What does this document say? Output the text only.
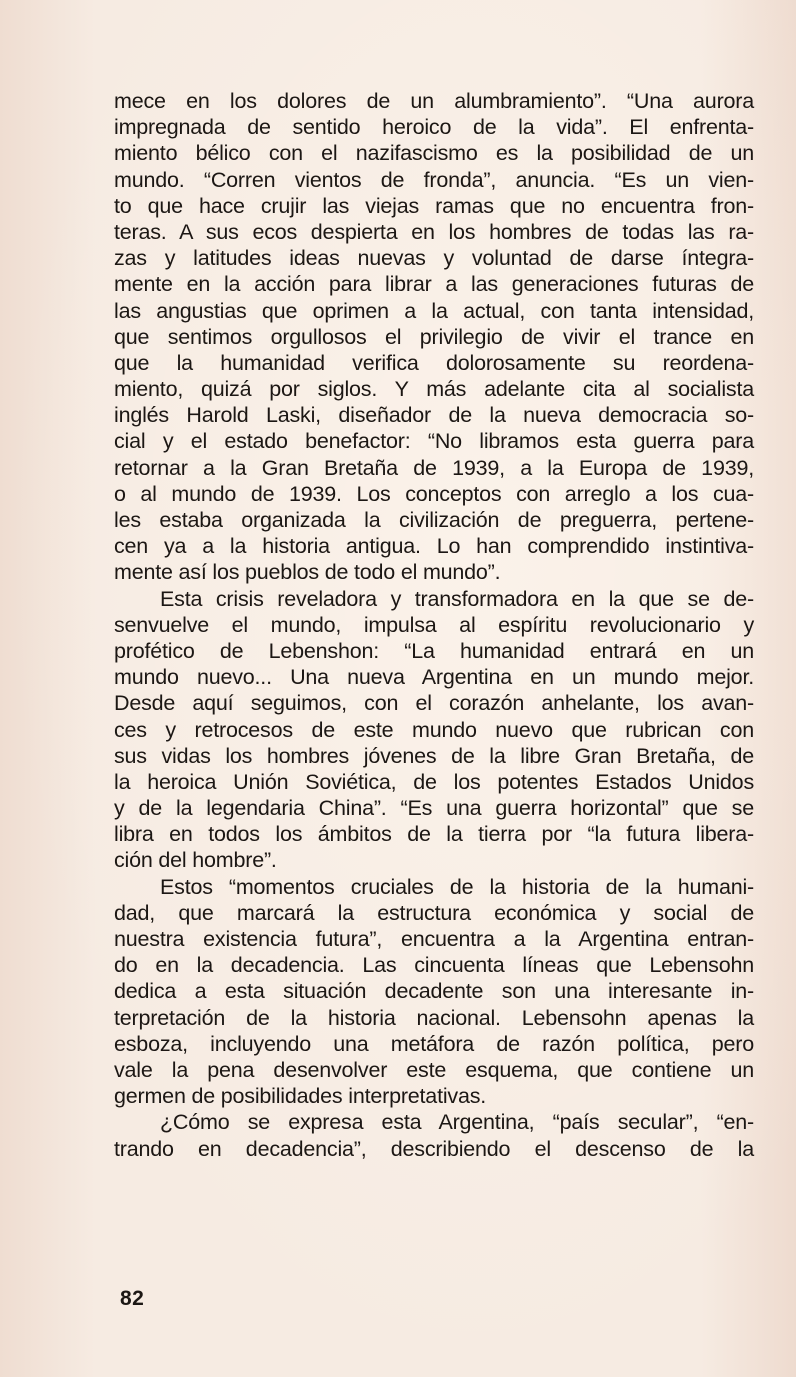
mece en los dolores de un alumbramiento”. “Una aurora
impregnada de sentido heroico de la vida”. El enfrenta-
miento bélico con el nazifascismo es la posibilidad de un
mundo. “Corren vientos de fronda”, anuncia. “Es un vien-
to que hace crujir las viejas ramas que no encuentra fron-
teras. A sus ecos despierta en los hombres de todas las ra-
zas y latitudes ideas nuevas y voluntad de darse íntegra-
mente en la acción para librar a las generaciones futuras de
las angustias que oprimen a la actual, con tanta intensidad,
que sentimos orgullosos el privilegio de vivir el trance en
que la humanidad verifica dolorosamente su reordena-
miento, quizá por siglos. Y más adelante cita al socialista
inglés Harold Laski, diseñador de la nueva democracia so-
cial y el estado benefactor: “No libramos esta guerra para
retornar a la Gran Bretaña de 1939, a la Europa de 1939,
o al mundo de 1939. Los conceptos con arreglo a los cua-
les estaba organizada la civilización de preguerra, pertene-
cen ya a la historia antigua. Lo han comprendido instintiva-
mente así los pueblos de todo el mundo”.
Esta crisis reveladora y transformadora en la que se de-
senvuelve el mundo, impulsa al espíritu revolucionario y
profético de Lebenshon: “La humanidad entrará en un
mundo nuevo... Una nueva Argentina en un mundo mejor.
Desde aquí seguimos, con el corazón anhelante, los avan-
ces y retrocesos de este mundo nuevo que rubrican con
sus vidas los hombres jóvenes de la libre Gran Bretaña, de
la heroica Unión Soviética, de los potentes Estados Unidos
y de la legendaria China”. “Es una guerra horizontal” que se
libra en todos los ámbitos de la tierra por “la futura libera-
ción del hombre”.
Estos “momentos cruciales de la historia de la humani-
dad, que marcará la estructura económica y social de
nuestra existencia futura”, encuentra a la Argentina entran-
do en la decadencia. Las cincuenta líneas que Lebensohn
dedica a esta situación decadente son una interesante in-
terpretación de la historia nacional. Lebensohn apenas la
esboza, incluyendo una metáfora de razón política, pero
vale la pena desenvolver este esquema, que contiene un
germen de posibilidades interpretativas.
¿Cómo se expresa esta Argentina, “país secular”, “en-
trando en decadencia”, describiendo el descenso de la
82
